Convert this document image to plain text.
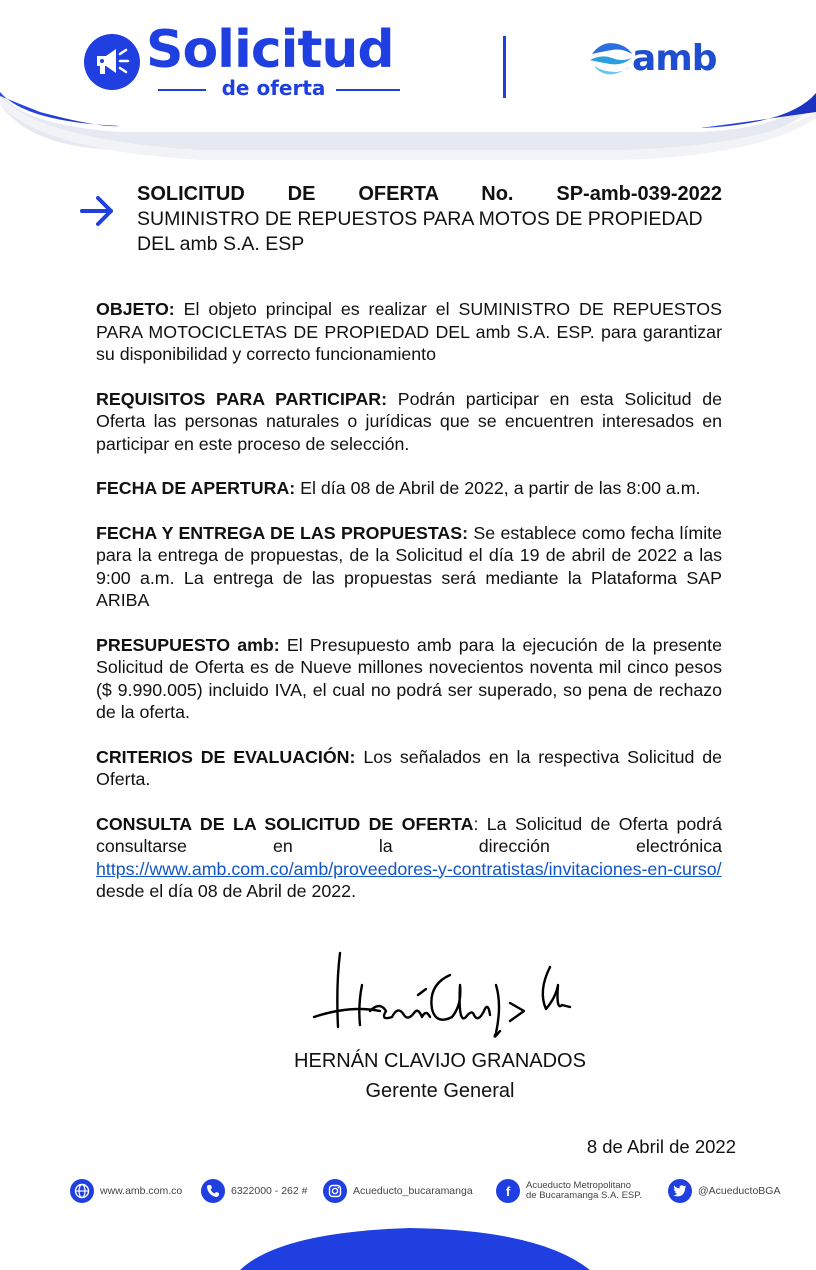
Solicitud
de oferta
amb
SOLICITUD DE OFERTA No. SP-amb-039-2022
SUMINISTRO DE REPUESTOS PARA MOTOS DE PROPIEDAD DEL amb S.A. ESP
OBJETO: El objeto principal es realizar el SUMINISTRO DE REPUESTOS PARA MOTOCICLETAS DE PROPIEDAD DEL amb S.A. ESP. para garantizar su disponibilidad y correcto funcionamiento
REQUISITOS PARA PARTICIPAR: Podrán participar en esta Solicitud de Oferta las personas naturales o jurídicas que se encuentren interesados en participar en este proceso de selección.
FECHA DE APERTURA: El día 08 de Abril de 2022, a partir de las 8:00 a.m.
FECHA Y ENTREGA DE LAS PROPUESTAS: Se establece como fecha límite para la entrega de propuestas, de la Solicitud el día 19 de abril de 2022 a las 9:00 a.m. La entrega de las propuestas será mediante la Plataforma SAP ARIBA
PRESUPUESTO amb: El Presupuesto amb para la ejecución de la presente Solicitud de Oferta es de Nueve millones novecientos noventa mil cinco pesos ($ 9.990.005) incluido IVA, el cual no podrá ser superado, so pena de rechazo de la oferta.
CRITERIOS DE EVALUACIÓN: Los señalados en la respectiva Solicitud de Oferta.
CONSULTA DE LA SOLICITUD DE OFERTA: La Solicitud de Oferta podrá consultarse en la dirección electrónica https://www.amb.com.co/amb/proveedores-y-contratistas/invitaciones-en-curso/ desde el día 08 de Abril de 2022.
HERNÁN CLAVIJO GRANADOS
Gerente General
8 de Abril de 2022
www.amb.com.co	6322000 - 262 #	Acueducto_bucaramanga	f	Acueducto Metropolitano
de Bucaramanga S.A. ESP.	@AcueductoBGA
